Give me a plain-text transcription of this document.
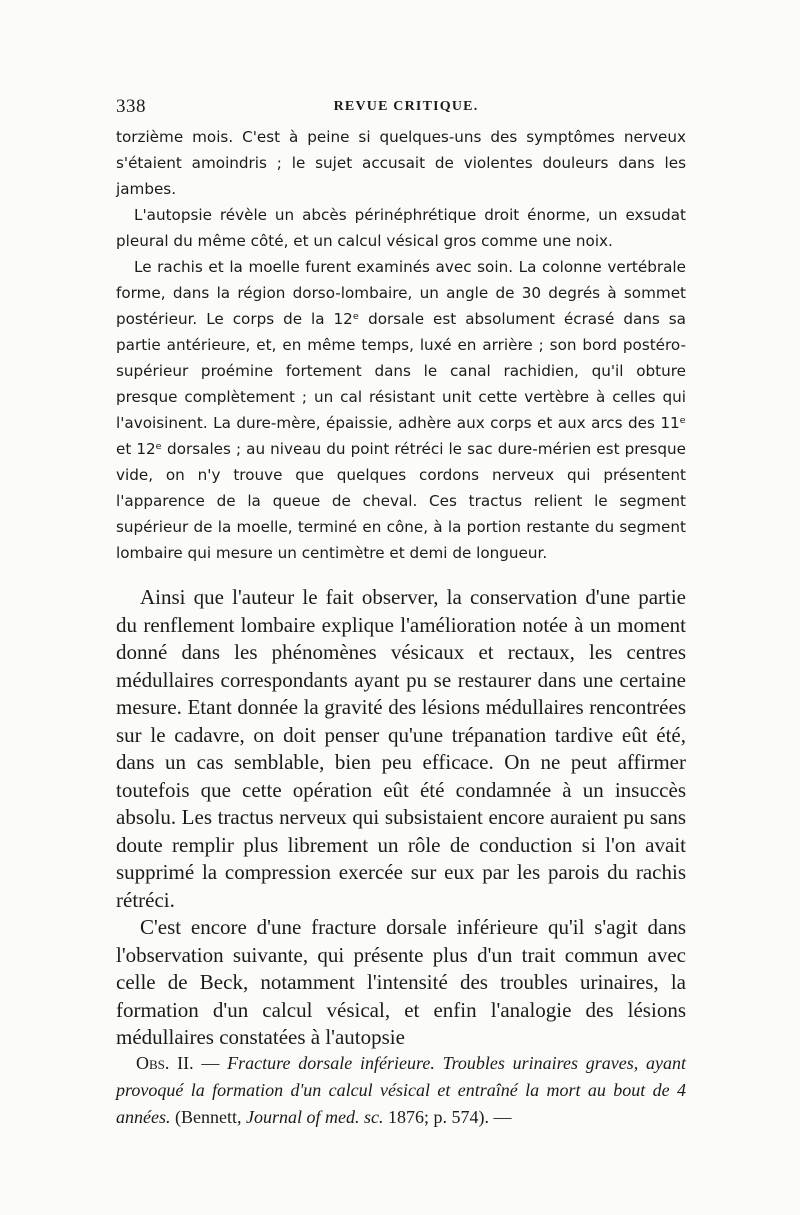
338	REVUE CRITIQUE.

torzième mois. C'est à peine si quelques-uns des symptômes nerveux s'étaient amoindris ; le sujet accusait de violentes douleurs dans les jambes.

L'autopsie révèle un abcès périnéphrétique droit énorme, un exsudat pleural du même côté, et un calcul vésical gros comme une noix.

Le rachis et la moelle furent examinés avec soin. La colonne vertébrale forme, dans la région dorso-lombaire, un angle de 30 degrés à sommet postérieur. Le corps de la 12ᵉ dorsale est absolument écrasé dans sa partie antérieure, et, en même temps, luxé en arrière ; son bord postéro-supérieur proémine fortement dans le canal rachidien, qu'il obture presque complètement ; un cal résistant unit cette vertèbre à celles qui l'avoisinent. La dure-mère, épaissie, adhère aux corps et aux arcs des 11ᵉ et 12ᵉ dorsales ; au niveau du point rétréci le sac dure-mérien est presque vide, on n'y trouve que quelques cordons nerveux qui présentent l'apparence de la queue de cheval. Ces tractus relient le segment supérieur de la moelle, terminé en cône, à la portion restante du segment lombaire qui mesure un centimètre et demi de longueur.

Ainsi que l'auteur le fait observer, la conservation d'une partie du renflement lombaire explique l'amélioration notée à un moment donné dans les phénomènes vésicaux et rectaux, les centres médullaires correspondants ayant pu se restaurer dans une certaine mesure. Etant donnée la gravité des lésions médullaires rencontrées sur le cadavre, on doit penser qu'une trépanation tardive eût été, dans un cas semblable, bien peu efficace. On ne peut affirmer toutefois que cette opération eût été condamnée à un insuccès absolu. Les tractus nerveux qui subsistaient encore auraient pu sans doute remplir plus librement un rôle de conduction si l'on avait supprimé la compression exercée sur eux par les parois du rachis rétréci.

C'est encore d'une fracture dorsale inférieure qu'il s'agit dans l'observation suivante, qui présente plus d'un trait commun avec celle de Beck, notamment l'intensité des troubles urinaires, la formation d'un calcul vésical, et enfin l'analogie des lésions médullaires constatées à l'autopsie

Obs. II. — Fracture dorsale inférieure. Troubles urinaires graves, ayant provoqué la formation d'un calcul vésical et entraîné la mort au bout de 4 années. (Bennett, Journal of med. sc. 1876; p. 574). —
